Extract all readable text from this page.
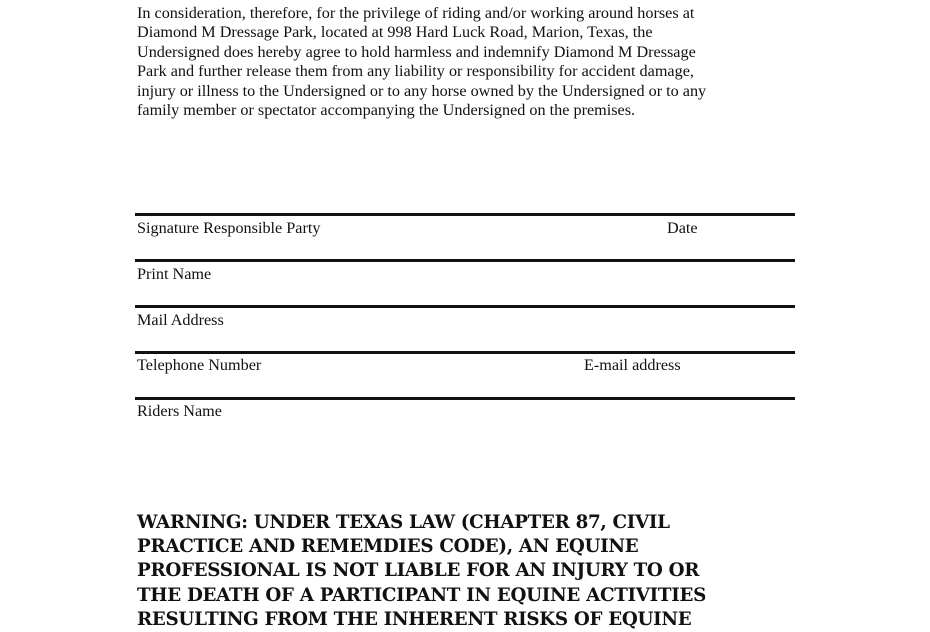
In consideration, therefore, for the privilege of riding and/or working around horses at
Diamond M Dressage Park, located at 998 Hard Luck Road, Marion, Texas, the
Undersigned does hereby agree to hold harmless and indemnify Diamond M Dressage
Park and further release them from any liability or responsibility for accident damage,
injury or illness to the Undersigned or to any horse owned by the Undersigned or to any
family member or spectator accompanying the Undersigned on the premises.
Signature Responsible Party	Date
Print Name
Mail Address
Telephone Number	E-mail address
Riders Name
WARNING: UNDER TEXAS LAW (CHAPTER 87, CIVIL
PRACTICE AND REMEMDIES CODE), AN EQUINE
PROFESSIONAL IS NOT LIABLE FOR AN INJURY TO OR
THE DEATH OF A PARTICIPANT IN EQUINE ACTIVITIES
RESULTING FROM THE INHERENT RISKS OF EQUINE
